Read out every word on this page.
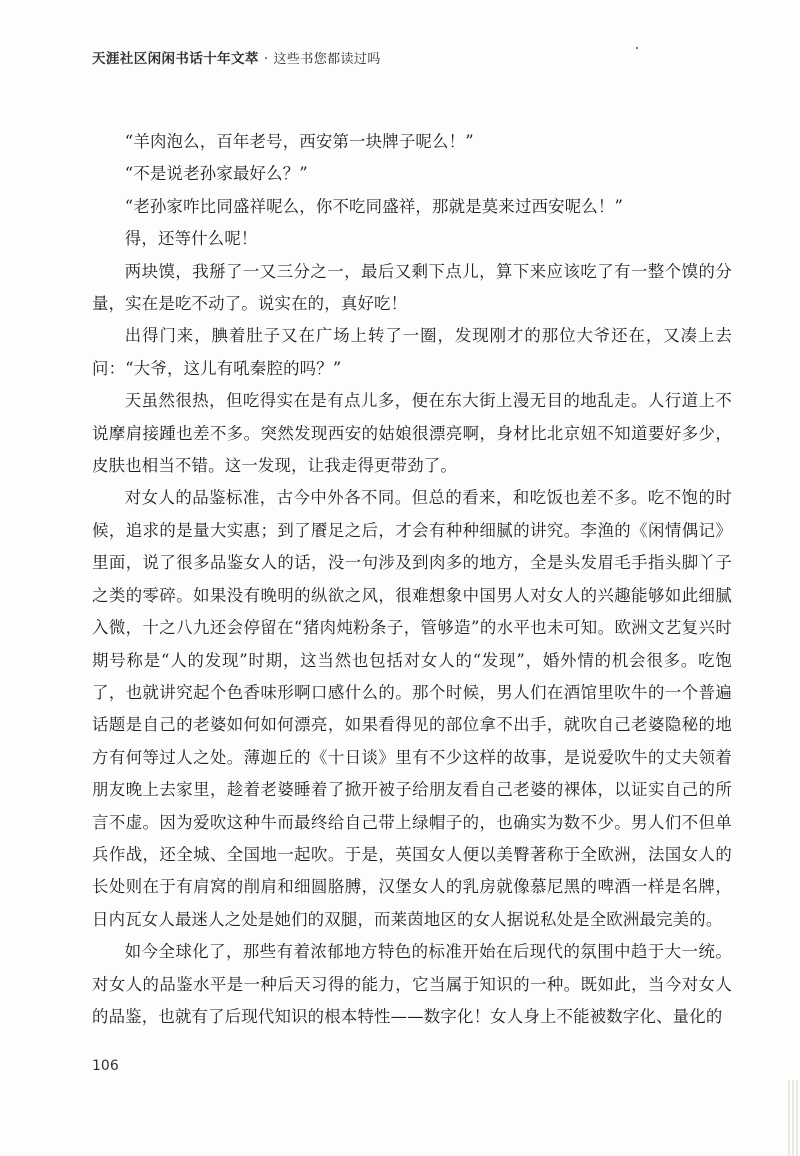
天涯社区闲闲书话十年文萃 · 这些书您都读过吗

“羊肉泡么，百年老号，西安第一块牌子呢么！”

“不是说老孙家最好么？”

“老孙家咋比同盛祥呢么，你不吃同盛祥，那就是莫来过西安呢么！”

得，还等什么呢！

两块馍，我掰了一又三分之一，最后又剩下点儿，算下来应该吃了有一整个馍的分量，实在是吃不动了。说实在的，真好吃！

出得门来，腆着肚子又在广场上转了一圈，发现刚才的那位大爷还在，又凑上去问：“大爷，这儿有吼秦腔的吗？”

天虽然很热，但吃得实在是有点儿多，便在东大街上漫无目的地乱走。人行道上不说摩肩接踵也差不多。突然发现西安的姑娘很漂亮啊，身材比北京妞不知道要好多少，皮肤也相当不错。这一发现，让我走得更带劲了。

对女人的品鉴标准，古今中外各不同。但总的看来，和吃饭也差不多。吃不饱的时候，追求的是量大实惠；到了餍足之后，才会有种种细腻的讲究。李渔的《闲情偶记》里面，说了很多品鉴女人的话，没一句涉及到肉多的地方，全是头发眉毛手指头脚丫子之类的零碎。如果没有晚明的纵欲之风，很难想象中国男人对女人的兴趣能够如此细腻入微，十之八九还会停留在“猪肉炖粉条子，管够造”的水平也未可知。欧洲文艺复兴时期号称是“人的发现”时期，这当然也包括对女人的“发现”，婚外情的机会很多。吃饱了，也就讲究起个色香味形啊口感什么的。那个时候，男人们在酒馆里吹牛的一个普遍话题是自己的老婆如何如何漂亮，如果看得见的部位拿不出手，就吹自己老婆隐秘的地方有何等过人之处。薄迦丘的《十日谈》里有不少这样的故事，是说爱吹牛的丈夫领着朋友晚上去家里，趁着老婆睡着了掀开被子给朋友看自己老婆的裸体，以证实自己的所言不虚。因为爱吹这种牛而最终给自己带上绿帽子的，也确实为数不少。男人们不但单兵作战，还全城、全国地一起吹。于是，英国女人便以美臀著称于全欧洲，法国女人的长处则在于有肩窝的削肩和细圆胳膊，汉堡女人的乳房就像慕尼黑的啤酒一样是名牌，日内瓦女人最迷人之处是她们的双腿，而莱茵地区的女人据说私处是全欧洲最完美的。

如今全球化了，那些有着浓郁地方特色的标准开始在后现代的氛围中趋于大一统。对女人的品鉴水平是一种后天习得的能力，它当属于知识的一种。既如此，当今对女人的品鉴，也就有了后现代知识的根本特性——数字化！女人身上不能被数字化、量化的

106
